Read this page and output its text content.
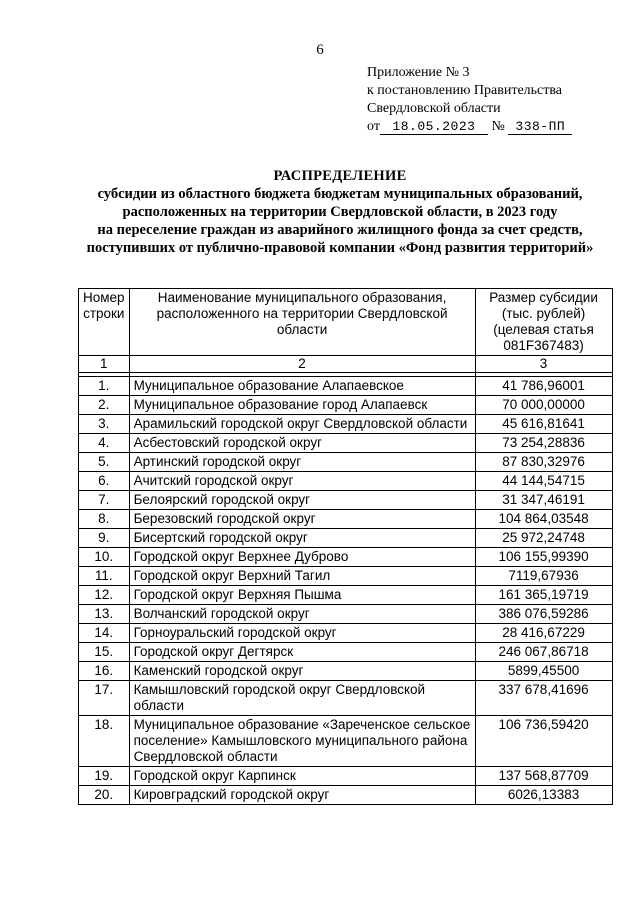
6
Приложение № 3
к постановлению Правительства
Свердловской области
от 18.05.2023 № 338-ПП
РАСПРЕДЕЛЕНИЕ
субсидии из областного бюджета бюджетам муниципальных образований,
расположенных на территории Свердловской области, в 2023 году
на переселение граждан из аварийного жилищного фонда за счет средств,
поступивших от публично-правовой компании «Фонд развития территорий»
Номер строки	Наименование муниципального образования, расположенного на территории Свердловской области	Размер субсидии (тыс. рублей) (целевая статья 081F367483)
1	2	3

1.	Муниципальное образование Алапаевское	41 786,96001
2.	Муниципальное образование город Алапаевск	70 000,00000
3.	Арамильский городской округ Свердловской области	45 616,81641
4.	Асбестовский городской округ	73 254,28836
5.	Артинский городской округ	87 830,32976
6.	Ачитский городской округ	44 144,54715
7.	Белоярский городской округ	31 347,46191
8.	Березовский городской округ	104 864,03548
9.	Бисертский городской округ	25 972,24748
10.	Городской округ Верхнее Дуброво	106 155,99390
11.	Городской округ Верхний Тагил	7119,67936
12.	Городской округ Верхняя Пышма	161 365,19719
13.	Волчанский городской округ	386 076,59286
14.	Горноуральский городской округ	28 416,67229
15.	Городской округ Дегтярск	246 067,86718
16.	Каменский городской округ	5899,45500
17.	Камышловский городской округ Свердловской области	337 678,41696
18.	Муниципальное образование «Зареченское сельское поселение» Камышловского муниципального района Свердловской области	106 736,59420
19.	Городской округ Карпинск	137 568,87709
20.	Кировградский городской округ	6026,13383
